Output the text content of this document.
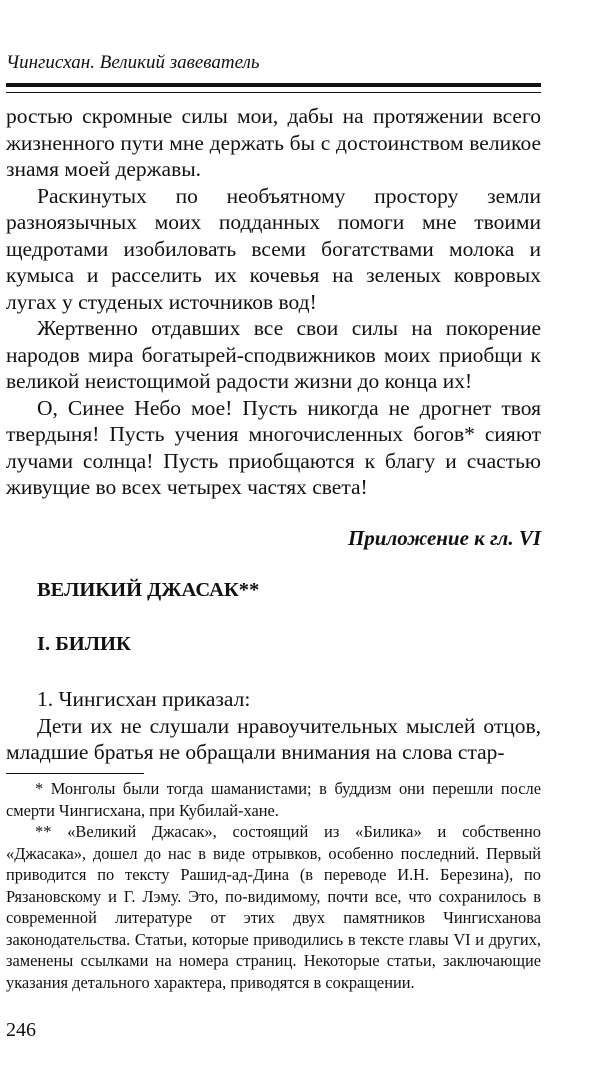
Чингисхан. Великий завеватель

ростью скромные силы мои, дабы на протяжении всего жизненного пути мне держать бы с достоинством великое знамя моей державы.

Раскинутых по необъятному простору земли разноязычных моих подданных помоги мне твоими щедротами изобиловать всеми богатствами молока и кумыса и расселить их кочевья на зеленых ковровых лугах у студеных источников вод!

Жертвенно отдавших все свои силы на покорение народов мира богатырей-сподвижников моих приобщи к великой неистощимой радости жизни до конца их!

О, Синее Небо мое! Пусть никогда не дрогнет твоя твердыня! Пусть учения многочисленных богов* сияют лучами солнца! Пусть приобщаются к благу и счастью живущие во всех четырех частях света!

Приложение к гл. VI
ВЕЛИКИЙ ДЖАСАК**
I. БИЛИК

1. Чингисхан приказал:

Дети их не слушали нравоучительных мыслей отцов, младшие братья не обращали внимания на слова стар-

* Монголы были тогда шаманистами; в буддизм они перешли после смерти Чингисхана, при Кубилай-хане.

** «Великий Джасак», состоящий из «Билика» и собственно «Джасака», дошел до нас в виде отрывков, особенно последний. Первый приводится по тексту Рашид-ад-Дина (в переводе И.Н. Березина), по Рязановскому и Г. Лэму. Это, по-видимому, почти все, что сохранилось в современной литературе от этих двух памятников Чингисханова законодательства. Статьи, которые приводились в тексте главы VI и других, заменены ссылками на номера страниц. Некоторые статьи, заключающие указания детального характера, приводятся в сокращении.

246
